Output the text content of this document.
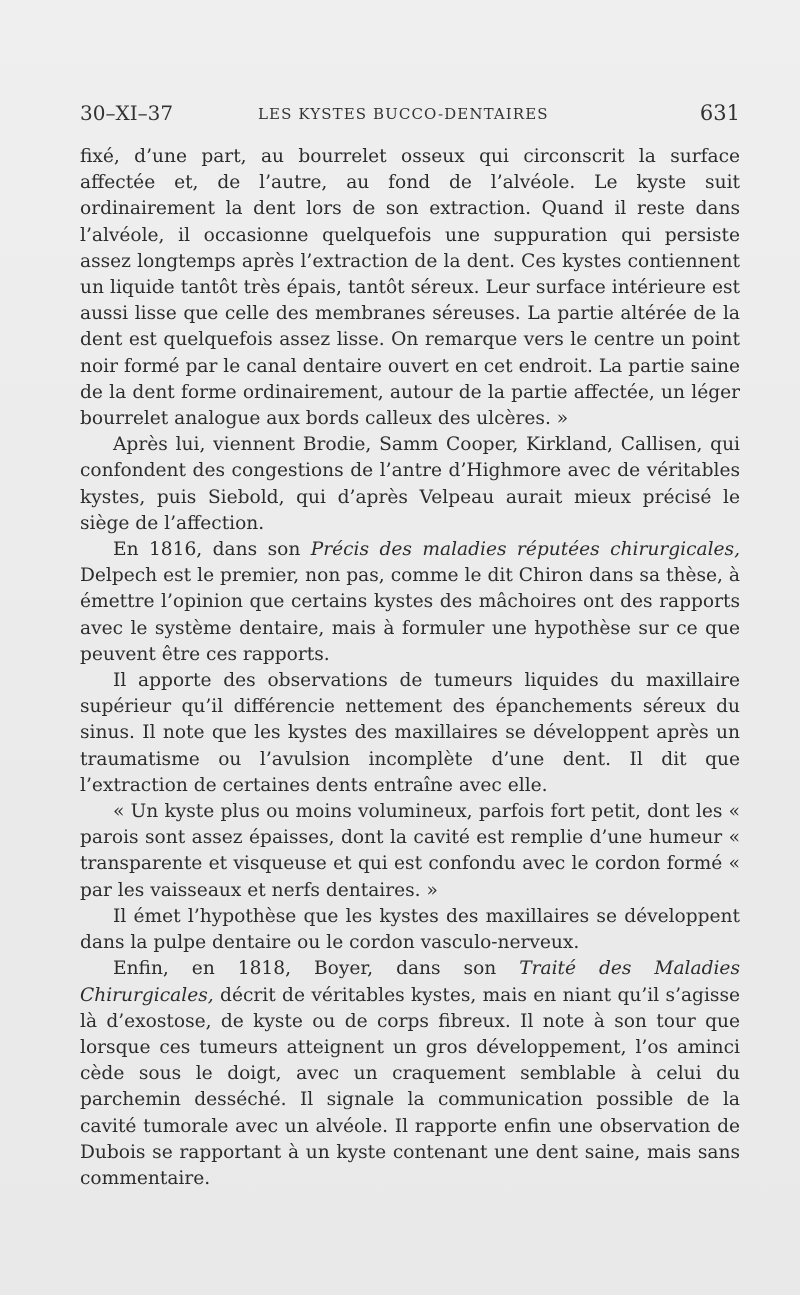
30–XI–37	LES KYSTES BUCCO-DENTAIRES	631

fixé, d’une part, au bourrelet osseux qui circonscrit la surface affectée et, de l’autre, au fond de l’alvéole. Le kyste suit ordinairement la dent lors de son extraction. Quand il reste dans l’alvéole, il occasionne quelquefois une suppuration qui persiste assez longtemps après l’extraction de la dent. Ces kystes contiennent un liquide tantôt très épais, tantôt séreux. Leur surface intérieure est aussi lisse que celle des membranes séreuses. La partie altérée de la dent est quelquefois assez lisse. On remarque vers le centre un point noir formé par le canal dentaire ouvert en cet endroit. La partie saine de la dent forme ordinairement, autour de la partie affectée, un léger bourrelet analogue aux bords calleux des ulcères. »

Après lui, viennent Brodie, Samm Cooper, Kirkland, Callisen, qui confondent des congestions de l’antre d’Highmore avec de véritables kystes, puis Siebold, qui d’après Velpeau aurait mieux précisé le siège de l’affection.

En 1816, dans son Précis des maladies réputées chirurgicales, Delpech est le premier, non pas, comme le dit Chiron dans sa thèse, à émettre l’opinion que certains kystes des mâchoires ont des rapports avec le système dentaire, mais à formuler une hypothèse sur ce que peuvent être ces rapports.

Il apporte des observations de tumeurs liquides du maxillaire supérieur qu’il différencie nettement des épanchements séreux du sinus. Il note que les kystes des maxillaires se développent après un traumatisme ou l’avulsion incomplète d’une dent. Il dit que l’extraction de certaines dents entraîne avec elle.

« Un kyste plus ou moins volumineux, parfois fort petit, dont les « parois sont assez épaisses, dont la cavité est remplie d’une humeur « transparente et visqueuse et qui est confondu avec le cordon formé « par les vaisseaux et nerfs dentaires. »

Il émet l’hypothèse que les kystes des maxillaires se développent dans la pulpe dentaire ou le cordon vasculo-nerveux.

Enfin, en 1818, Boyer, dans son Traité des Maladies Chirurgicales, décrit de véritables kystes, mais en niant qu’il s’agisse là d’exostose, de kyste ou de corps fibreux. Il note à son tour que lorsque ces tumeurs atteignent un gros développement, l’os aminci cède sous le doigt, avec un craquement semblable à celui du parchemin desséché. Il signale la communication possible de la cavité tumorale avec un alvéole. Il rapporte enfin une observation de Dubois se rapportant à un kyste contenant une dent saine, mais sans commentaire.
